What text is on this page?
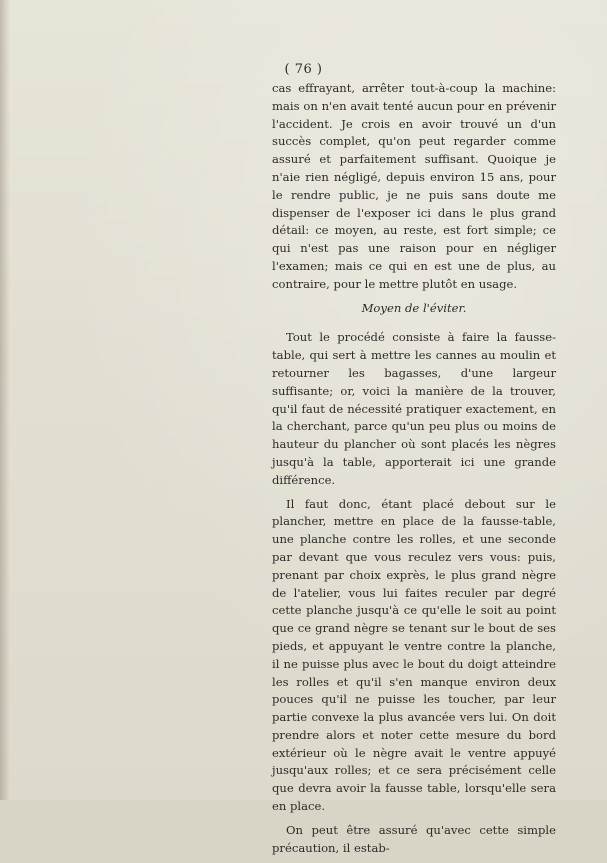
( 76 )

cas effrayant, arrêter tout-à-coup la machine: mais on n'en avait tenté aucun pour en prévenir l'accident. Je crois en avoir trouvé un d'un succès complet, qu'on peut regarder comme assuré et parfaitement suffisant. Quoique je n'aie rien négligé, depuis environ 15 ans, pour le rendre public, je ne puis sans doute me dispenser de l'exposer ici dans le plus grand détail: ce moyen, au reste, est fort simple; ce qui n'est pas une raison pour en négliger l'examen; mais ce qui en est une de plus, au contraire, pour le mettre plutôt en usage.

Moyen de l'éviter.

Tout le procédé consiste à faire la fausse-table, qui sert à mettre les cannes au moulin et retourner les bagasses, d'une largeur suffisante; or, voici la manière de la trouver, qu'il faut de nécessité pratiquer exactement, en la cherchant, parce qu'un peu plus ou moins de hauteur du plancher où sont placés les nègres jusqu'à la table, apporterait ici une grande différence.

Il faut donc, étant placé debout sur le plancher, mettre en place de la fausse-table, une planche contre les rolles, et une seconde par devant que vous reculez vers vous: puis, prenant par choix exprès, le plus grand nègre de l'atelier, vous lui faites reculer par degré cette planche jusqu'à ce qu'elle le soit au point que ce grand nègre se tenant sur le bout de ses pieds, et appuyant le ventre contre la planche, il ne puisse plus avec le bout du doigt atteindre les rolles et qu'il s'en manque environ deux pouces qu'il ne puisse les toucher, par leur partie convexe la plus avancée vers lui. On doit prendre alors et noter cette mesure du bord extérieur où le nègre avait le ventre appuyé jusqu'aux rolles; et ce sera précisément celle que devra avoir la fausse table, lorsqu'elle sera en place.

On peut être assuré qu'avec cette simple précaution, il estab-
